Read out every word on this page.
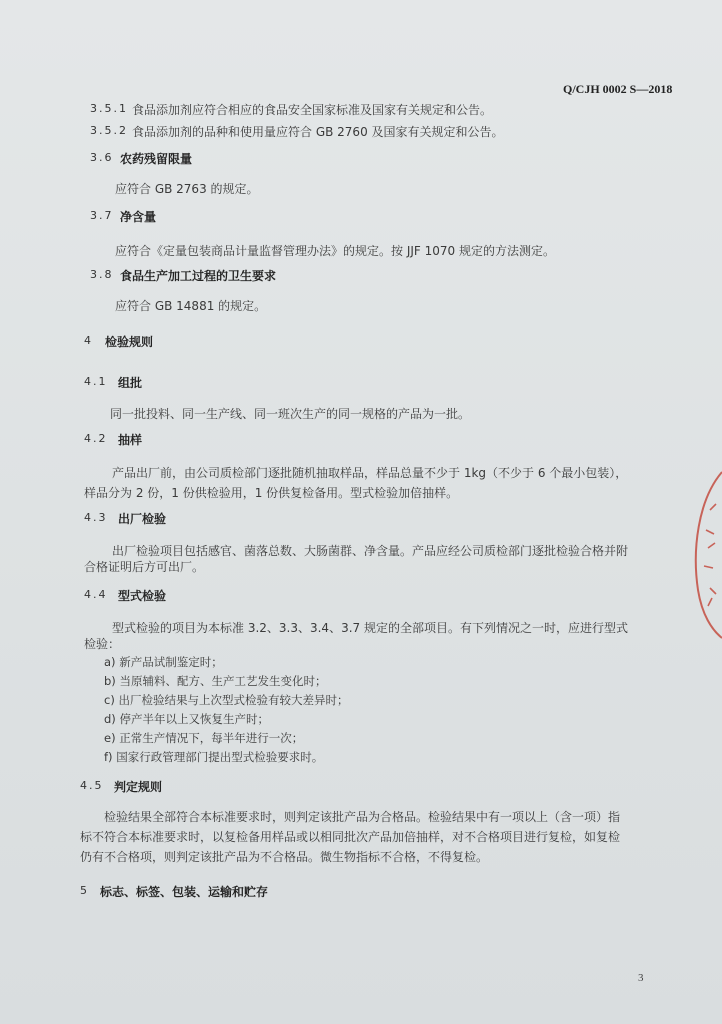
Q/CJH 0002 S—2018
3.5.1 食品添加剂应符合相应的食品安全国家标准及国家有关规定和公告。
3.5.2 食品添加剂的品种和使用量应符合 GB 2760 及国家有关规定和公告。
3.6 农药残留限量
应符合 GB 2763 的规定。
3.7 净含量
应符合《定量包装商品计量监督管理办法》的规定。按 JJF 1070 规定的方法测定。
3.8 食品生产加工过程的卫生要求
应符合 GB 14881 的规定。
4 检验规则
4.1 组批
同一批投料、同一生产线、同一班次生产的同一规格的产品为一批。
4.2 抽样
产品出厂前，由公司质检部门逐批随机抽取样品，样品总量不少于 1kg（不少于 6 个最小包装），
样品分为 2 份，1 份供检验用，1 份供复检备用。型式检验加倍抽样。
4.3 出厂检验
出厂检验项目包括感官、菌落总数、大肠菌群、净含量。产品应经公司质检部门逐批检验合格并附
合格证明后方可出厂。
4.4 型式检验
型式检验的项目为本标准 3.2、3.3、3.4、3.7 规定的全部项目。有下列情况之一时，应进行型式
检验：
a) 新产品试制鉴定时；
b) 当原辅料、配方、生产工艺发生变化时；
c) 出厂检验结果与上次型式检验有较大差异时；
d) 停产半年以上又恢复生产时；
e) 正常生产情况下，每半年进行一次；
f) 国家行政管理部门提出型式检验要求时。
4.5 判定规则
检验结果全部符合本标准要求时，则判定该批产品为合格品。检验结果中有一项以上（含一项）指
标不符合本标准要求时，以复检备用样品或以相同批次产品加倍抽样，对不合格项目进行复检，如复检
仍有不合格项，则判定该批产品为不合格品。微生物指标不合格，不得复检。
5 标志、标签、包装、运输和贮存
3
